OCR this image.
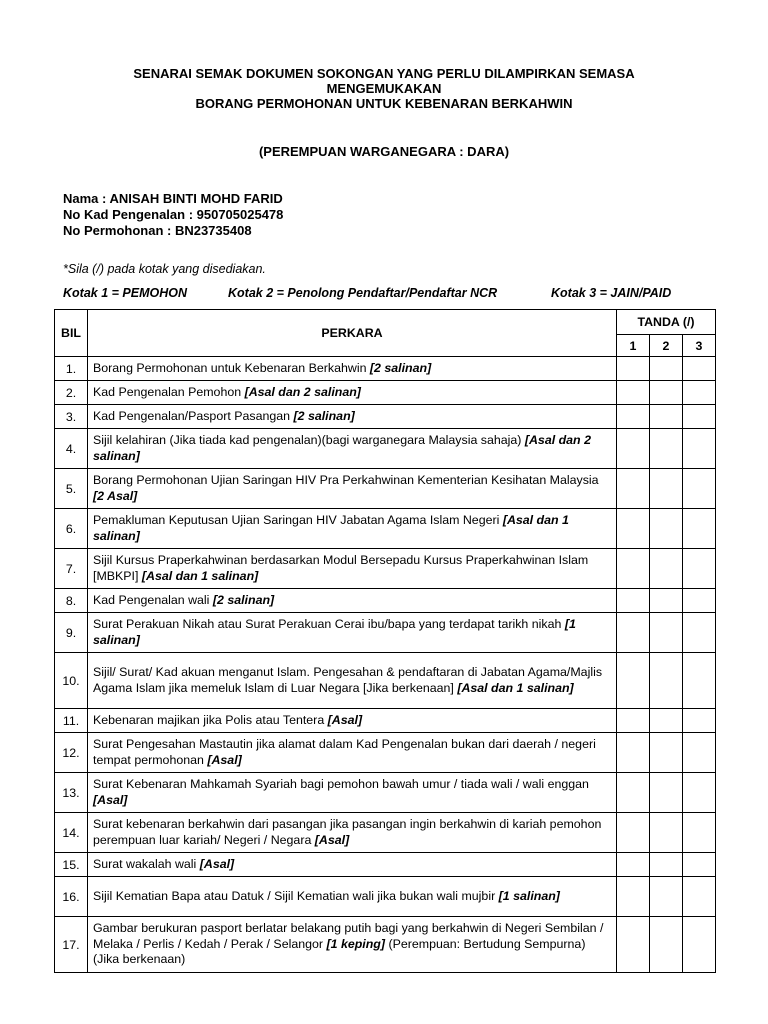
SENARAI SEMAK DOKUMEN SOKONGAN YANG PERLU DILAMPIRKAN SEMASA
MENGEMUKAKAN
BORANG PERMOHONAN UNTUK KEBENARAN BERKAHWIN
(PEREMPUAN WARGANEGARA : DARA)
Nama : ANISAH BINTI MOHD FARID
No Kad Pengenalan : 950705025478
No Permohonan : BN23735408
*Sila (/) pada kotak yang disediakan.
Kotak 1 = PEMOHON	Kotak 2 = Penolong Pendaftar/Pendaftar NCR	Kotak 3 = JAIN/PAID
BIL	PERKARA	TANDA (/)		
		1	2	3
1.	Borang Permohonan untuk Kebenaran Berkahwin [2 salinan]			
2.	Kad Pengenalan Pemohon [Asal dan 2 salinan]			
3.	Kad Pengenalan/Pasport Pasangan [2 salinan]			
4.	Sijil kelahiran (Jika tiada kad pengenalan)(bagi warganegara Malaysia sahaja) [Asal dan 2 salinan]			
5.	Borang Permohonan Ujian Saringan HIV Pra Perkahwinan Kementerian Kesihatan Malaysia [2 Asal]			
6.	Pemakluman Keputusan Ujian Saringan HIV Jabatan Agama Islam Negeri [Asal dan 1 salinan]			
7.	Sijil Kursus Praperkahwinan berdasarkan Modul Bersepadu Kursus Praperkahwinan Islam [MBKPI] [Asal dan 1 salinan]			
8.	Kad Pengenalan wali [2 salinan]			
9.	Surat Perakuan Nikah atau Surat Perakuan Cerai ibu/bapa yang terdapat tarikh nikah [1 salinan]			
10.	Sijil/ Surat/ Kad akuan menganut Islam. Pengesahan & pendaftaran di Jabatan Agama/Majlis Agama Islam jika memeluk Islam di Luar Negara [Jika berkenaan] [Asal dan 1 salinan]			
11.	Kebenaran majikan jika Polis atau Tentera [Asal]			
12.	Surat Pengesahan Mastautin jika alamat dalam Kad Pengenalan bukan dari daerah / negeri tempat permohonan [Asal]			
13.	Surat Kebenaran Mahkamah Syariah bagi pemohon bawah umur / tiada wali / wali enggan [Asal]			
14.	Surat kebenaran berkahwin dari pasangan jika pasangan ingin berkahwin di kariah pemohon perempuan luar kariah/ Negeri / Negara [Asal]			
15.	Surat wakalah wali [Asal]			
16.	Sijil Kematian Bapa atau Datuk / Sijil Kematian wali jika bukan wali mujbir [1 salinan]			
17.	Gambar berukuran pasport berlatar belakang putih bagi yang berkahwin di Negeri Sembilan / Melaka / Perlis / Kedah / Perak / Selangor [1 keping] (Perempuan: Bertudung Sempurna) (Jika berkenaan)			
